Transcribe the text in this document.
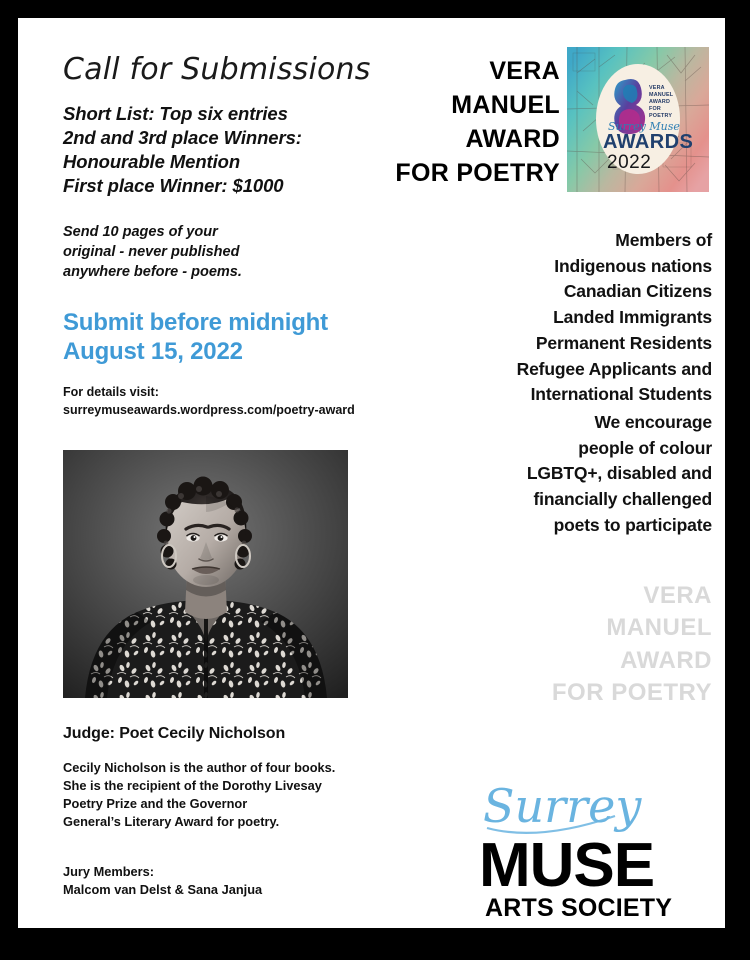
Call for Submissions
Short List: Top six entries
2nd and 3rd place Winners:
Honourable Mention
First place Winner: $1000
Send 10 pages of your
original - never published
anywhere before - poems.
Submit before midnight
August 15, 2022
For details visit:
surreymuseawards.wordpress.com/poetry-award
Judge: Poet Cecily Nicholson
Cecily Nicholson is the author of four books.
She is the recipient of the Dorothy Livesay
Poetry Prize and the Governor
General’s Literary Award for poetry.
Jury Members:
Malcom van Delst & Sana Janjua
VERA
MANUEL
AWARD
FOR POETRY
VERA
MANUEL
AWARD
FOR
POETRY
Surrey Muse
AWARDS
2022
Members of
Indigenous nations
Canadian Citizens
Landed Immigrants
Permanent Residents
Refugee Applicants and
International Students
We encourage
people of colour
LGBTQ+, disabled and
financially challenged
poets to participate
VERA
MANUEL
AWARD
FOR POETRY
Surrey
MUSE
ARTS SOCIETY
